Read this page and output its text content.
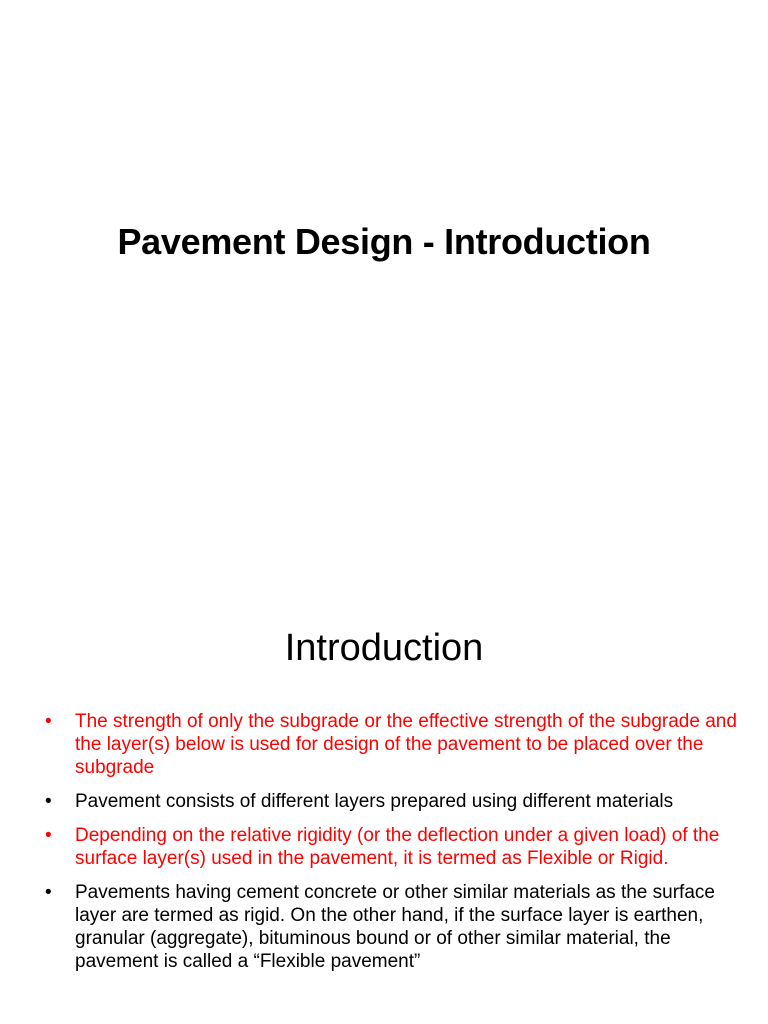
Pavement Design - Introduction
Introduction
•	The strength of only the subgrade or the effective strength of the subgrade and the layer(s) below is used for design of the pavement to be placed over the subgrade
•	Pavement consists of different layers prepared using different materials
•	Depending on the relative rigidity (or the deflection under a given load) of the surface layer(s) used in the pavement, it is termed as Flexible or Rigid.
•	Pavements having cement concrete or other similar materials as the surface layer are termed as rigid. On the other hand, if the surface layer is earthen, granular (aggregate), bituminous bound or of other similar material, the pavement is called a “Flexible pavement”
